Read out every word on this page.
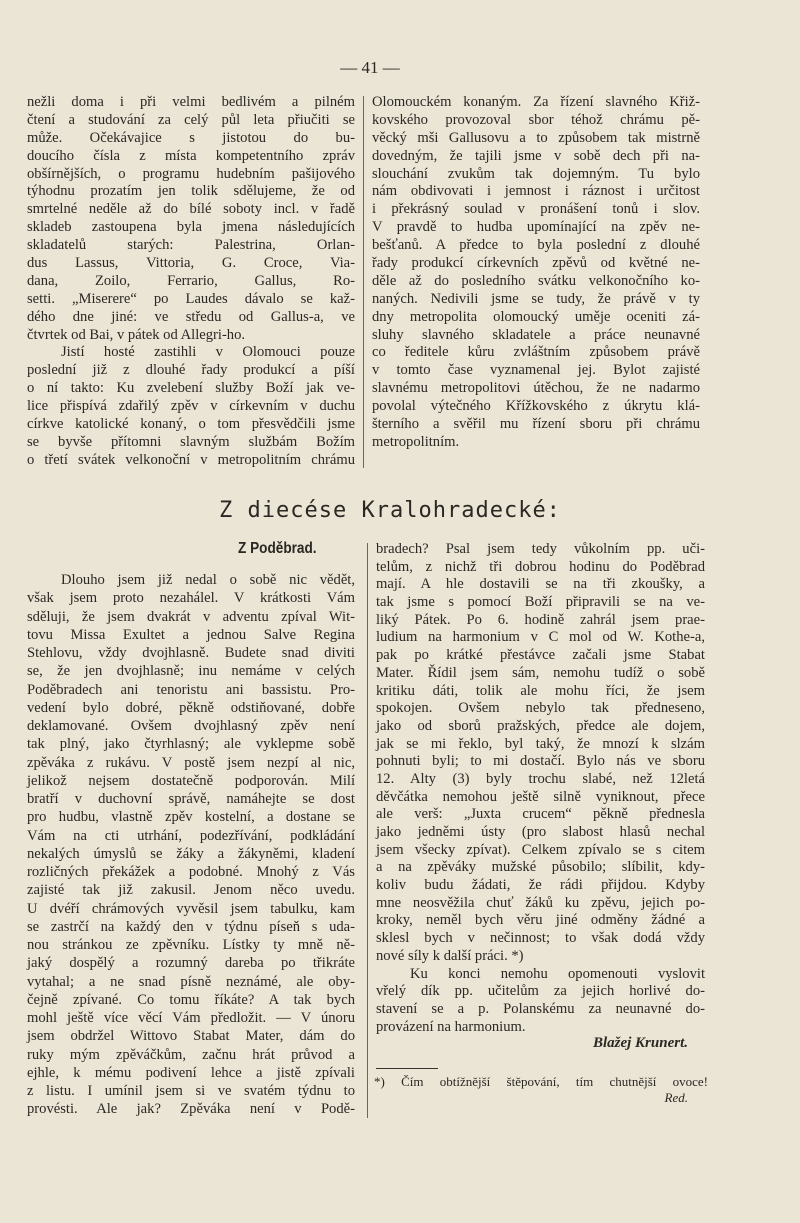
— 41 —
nežli doma i při velmi bedlivém a pilném
čtení a studování za celý půl leta přiučiti se
může. Očekávajice s jistotou do bu-
doucího čísla z místa kompetentního zpráv
obšírnějších, o programu hudebním pašijového
týhodnu prozatím jen tolik sdělujeme, že od
smrtelné neděle až do bílé soboty incl. v řadě
skladeb zastoupena byla jmena následujících
skladatelů starých: Palestrina, Orlan-
dus Lassus, Vittoria, G. Croce, Via-
dana, Zoilo, Ferrario, Gallus, Ro-
setti. „Miserere“ po Laudes dávalo se kaž-
dého dne jiné: ve středu od Gallus-a, ve
čtvrtek od Bai, v pátek od Allegri-ho.
Jistí hosté zastihli v Olomouci pouze
poslední již z dlouhé řady produkcí a píší
o ní takto: Ku zvelebení služby Boží jak ve-
lice přispívá zdařilý zpěv v církevním v duchu
církve katolické konaný, o tom přesvědčili jsme
se byvše přítomni slavným službám Božím
o třetí svátek velkonoční v metropolitním chrámu
Olomouckém konaným. Za řízení slavného Křiž-
kovského provozoval sbor téhož chrámu pě-
věcký mši Gallusovu a to způsobem tak mistrně
dovedným, že tajili jsme v sobě dech při na-
slouchání zvukům tak dojemným. Tu bylo
nám obdivovati i jemnost i ráznost i určitost
i překrásný soulad v pronášení tonů i slov.
V pravdě to hudba upomínající na zpěv ne-
bešťanů. A předce to byla poslední z dlouhé
řady produkcí církevních zpěvů od květné ne-
děle až do posledního svátku velkonočního ko-
naných. Nedivili jsme se tudy, že právě v ty
dny metropolita olomoucký uměje oceniti zá-
sluhy slavného skladatele a práce neunavné
co ředitele kůru zvláštním způsobem právě
v tomto čase vyznamenal jej. Bylot zajisté
slavnému metropolitovi útěchou, že ne nadarmo
povolal výtečného Křížkovského z úkrytu klá-
šterního a svěřil mu řízení sboru při chrámu
metropolitním.
Z diecése Kralohradecké:
Z Poděbrad.
Dlouho jsem již nedal o sobě nic vědět,
však jsem proto nezahálel. V krátkosti Vám
sděluji, že jsem dvakrát v adventu zpíval Wit-
tovu Missa Exultet a jednou Salve Regina
Stehlovu, vždy dvojhlasně. Budete snad diviti
se, že jen dvojhlasně; inu nemáme v celých
Poděbradech ani tenoristu ani bassistu. Pro-
vedení bylo dobré, pěkně odstiňované, dobře
deklamované. Ovšem dvojhlasný zpěv není
tak plný, jako čtyrhlasný; ale vyklepme sobě
zpěváka z rukávu. V postě jsem nezpí al nic,
jelikož nejsem dostatečně podporován. Milí
bratří v duchovní správě, namáhejte se dost
pro hudbu, vlastně zpěv kostelní, a dostane se
Vám na cti utrhání, podezřívání, podkládání
nekalých úmyslů se žáky a žákyněmi, kladení
rozličných překážek a podobné. Mnohý z Vás
zajisté tak již zakusil. Jenom něco uvedu.
U dvéří chrámových vyvěsil jsem tabulku, kam
se zastrčí na každý den v týdnu píseň s uda-
nou stránkou ze zpěvníku. Lístky ty mně ně-
jaký dospělý a rozumný dareba po třikráte
vytahal; a ne snad písně neznámé, ale oby-
čejně zpívané. Co tomu říkáte? A tak bych
mohl ještě více věcí Vám předložit. — V únoru
jsem obdržel Wittovo Stabat Mater, dám do
ruky mým zpěváčkům, začnu hrát průvod a
ejhle, k mému podivení lehce a jistě zpívali
z listu. I umínil jsem si ve svatém týdnu to
provésti. Ale jak? Zpěváka není v Podě-
bradech? Psal jsem tedy vůkolním pp. uči-
telům, z nichž tři dobrou hodinu do Poděbrad
mají. A hle dostavili se na tři zkoušky, a
tak jsme s pomocí Boží připravili se na ve-
liký Pátek. Po 6. hodině zahrál jsem prae-
ludium na harmonium v C mol od W. Kothe-a,
pak po krátké přestávce začali jsme Stabat
Mater. Řídil jsem sám, nemohu tudíž o sobě
kritiku dáti, tolik ale mohu říci, že jsem
spokojen. Ovšem nebylo tak předneseno,
jako od sborů pražských, předce ale dojem,
jak se mi řeklo, byl taký, že mnozí k slzám
pohnuti byli; to mi dostačí. Bylo nás ve sboru
12. Alty (3) byly trochu slabé, než 12letá
děvčátka nemohou ještě silně vyniknout, přece
ale verš: „Juxta crucem“ pěkně přednesla
jako jedněmi ústy (pro slabost hlasů nechal
jsem všecky zpívat). Celkem zpívalo se s citem
a na zpěváky mužské působilo; slíbilit, kdy-
koliv budu žádati, že rádi přijdou. Kdyby
mne neosvěžila chuť žáků ku zpěvu, jejich po-
kroky, neměl bych věru jiné odměny žádné a
sklesl bych v nečinnost; to však dodá vždy
nové síly k další práci. *)
Ku konci nemohu opomenouti vyslovit
vřelý dík pp. učitelům za jejich horlivé do-
stavení se a p. Polanskému za neunavné do-
provázení na harmonium.
Blažej Krunert.
*) Čím obtížnější štěpování, tím chutnější ovoce!
Red.
